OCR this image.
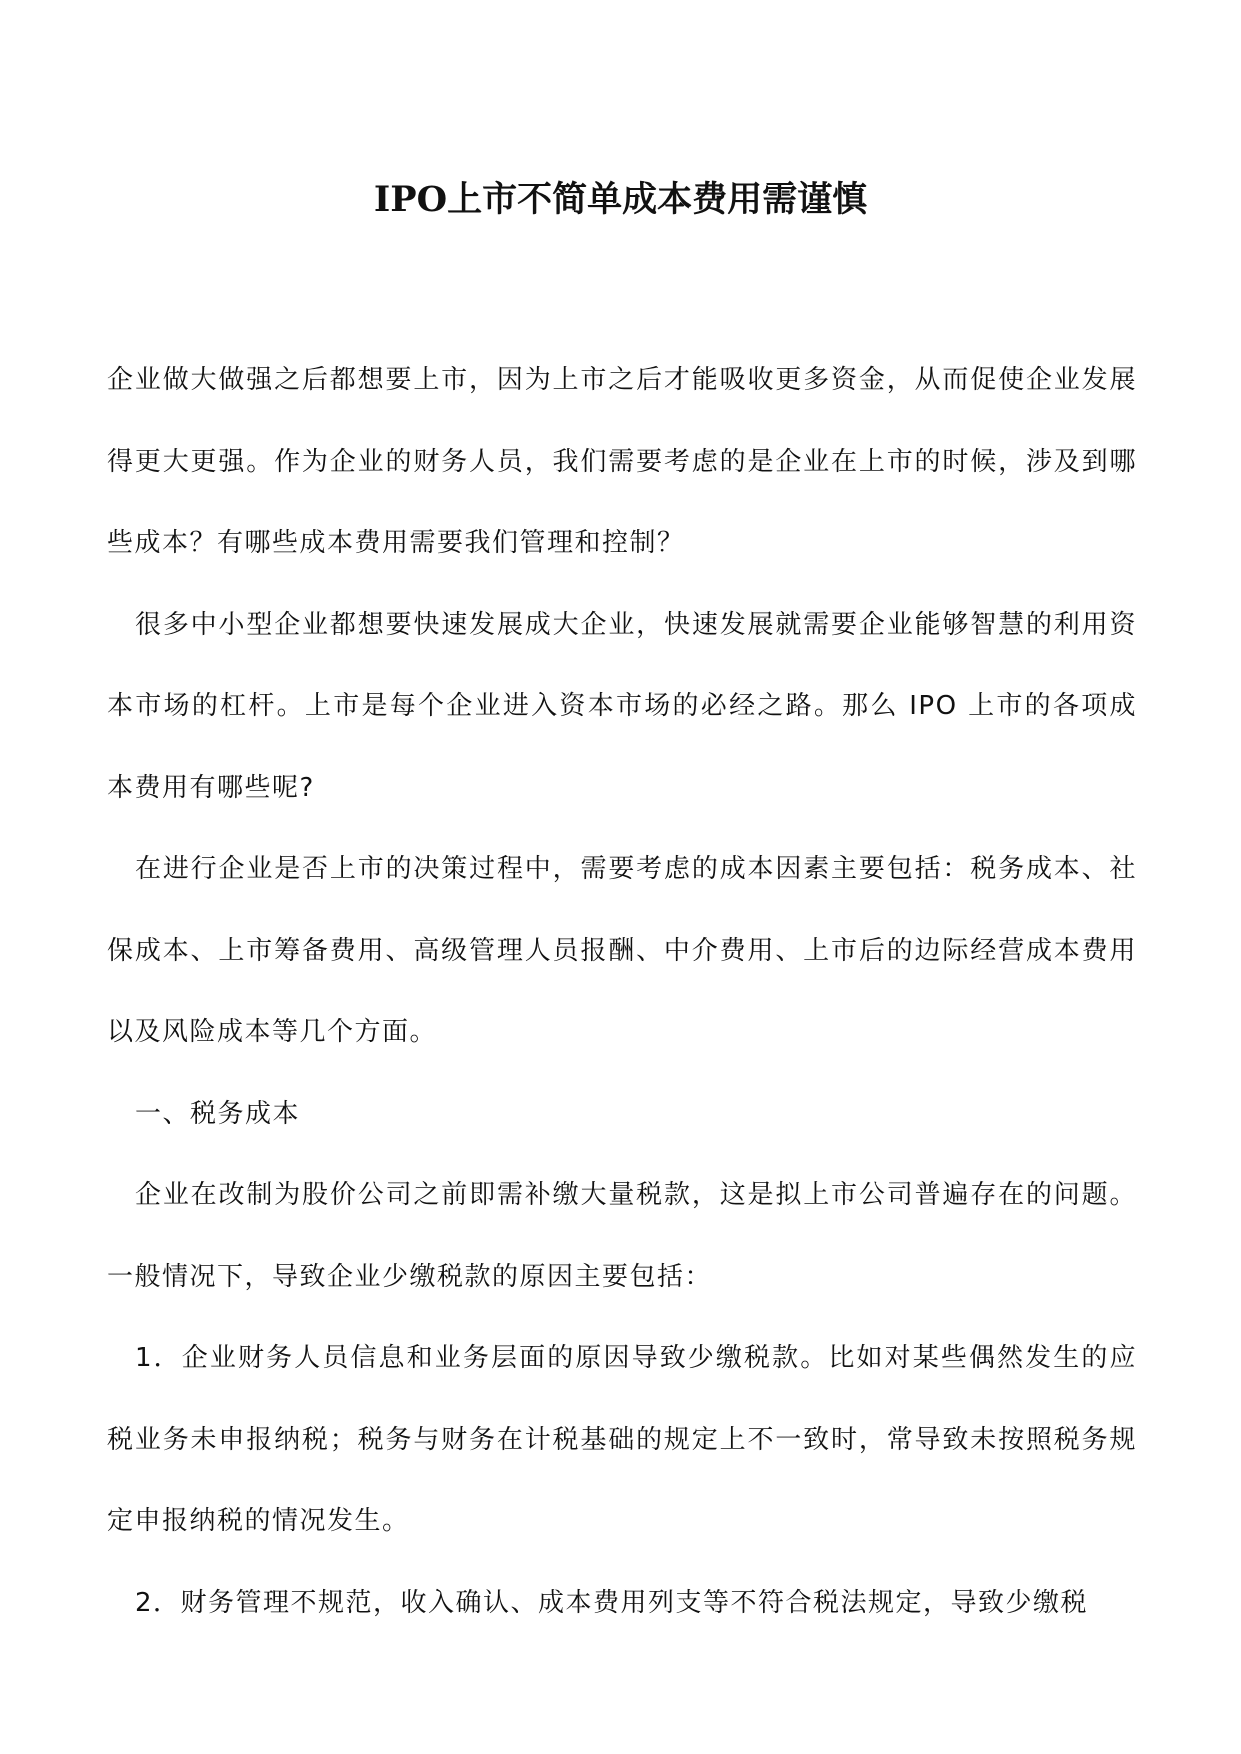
IPO上市不简单成本费用需谨慎

企业做大做强之后都想要上市，因为上市之后才能吸收更多资金，从而促使企业发展得更大更强。作为企业的财务人员，我们需要考虑的是企业在上市的时候，涉及到哪些成本？有哪些成本费用需要我们管理和控制？

很多中小型企业都想要快速发展成大企业，快速发展就需要企业能够智慧的利用资本市场的杠杆。上市是每个企业进入资本市场的必经之路。那么 IPO 上市的各项成本费用有哪些呢?

在进行企业是否上市的决策过程中，需要考虑的成本因素主要包括：税务成本、社保成本、上市筹备费用、高级管理人员报酬、中介费用、上市后的边际经营成本费用以及风险成本等几个方面。

一、税务成本

企业在改制为股价公司之前即需补缴大量税款，这是拟上市公司普遍存在的问题。一般情况下，导致企业少缴税款的原因主要包括：

1．企业财务人员信息和业务层面的原因导致少缴税款。比如对某些偶然发生的应税业务未申报纳税；税务与财务在计税基础的规定上不一致时，常导致未按照税务规定申报纳税的情况发生。

2．财务管理不规范，收入确认、成本费用列支等不符合税法规定，导致少缴税
